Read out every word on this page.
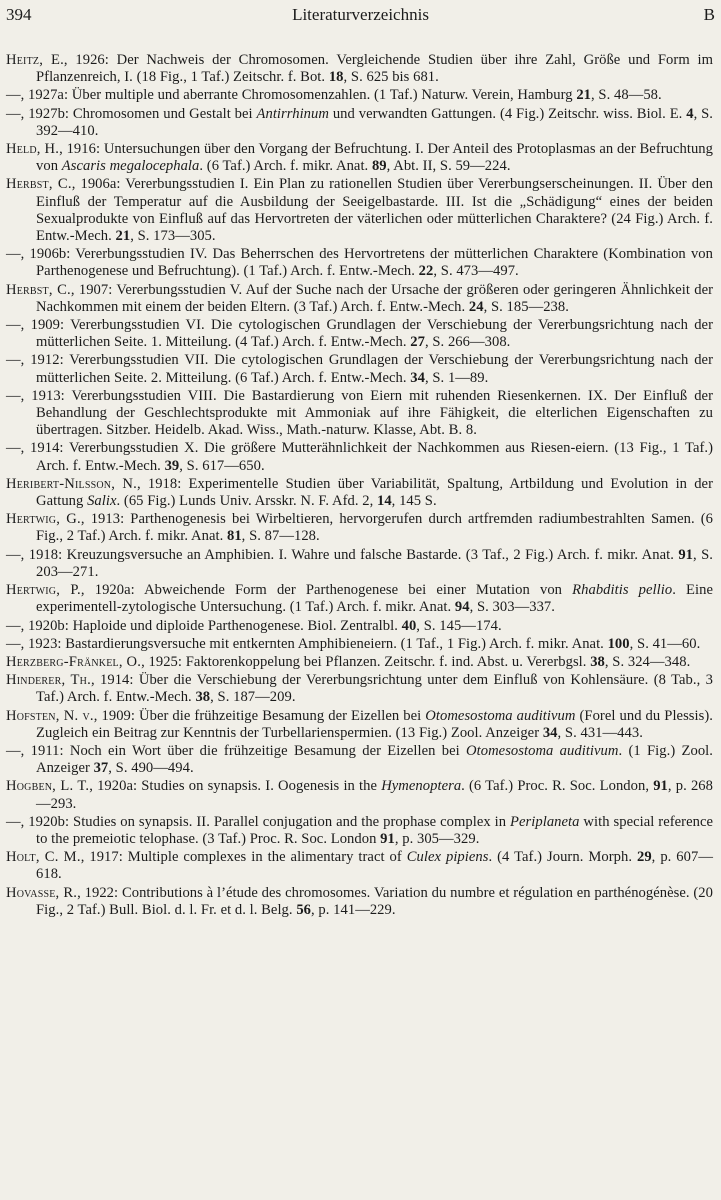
394	Literaturverzeichnis	B

Heitz, E., 1926: Der Nachweis der Chromosomen. Vergleichende Studien über ihre Zahl, Größe und Form im Pflanzenreich, I. (18 Fig., 1 Taf.) Zeitschr. f. Bot. 18, S. 625 bis 681.

—, 1927a: Über multiple und aberrante Chromosomenzahlen. (1 Taf.) Naturw. Verein, Hamburg 21, S. 48—58.

—, 1927b: Chromosomen und Gestalt bei Antirrhinum und verwandten Gattungen. (4 Fig.) Zeitschr. wiss. Biol. E. 4, S. 392—410.

Held, H., 1916: Untersuchungen über den Vorgang der Befruchtung. I. Der Anteil des Protoplasmas an der Befruchtung von Ascaris megalocephala. (6 Taf.) Arch. f. mikr. Anat. 89, Abt. II, S. 59—224.

Herbst, C., 1906a: Vererbungsstudien I. Ein Plan zu rationellen Studien über Vererbungserscheinungen. II. Über den Einfluß der Temperatur auf die Ausbildung der Seeigelbastarde. III. Ist die „Schädigung“ eines der beiden Sexualprodukte von Einfluß auf das Hervortreten der väterlichen oder mütterlichen Charaktere? (24 Fig.) Arch. f. Entw.-Mech. 21, S. 173—305.

—, 1906b: Vererbungsstudien IV. Das Beherrschen des Hervortretens der mütterlichen Charaktere (Kombination von Parthenogenese und Befruchtung). (1 Taf.) Arch. f. Entw.-Mech. 22, S. 473—497.

Herbst, C., 1907: Vererbungsstudien V. Auf der Suche nach der Ursache der größeren oder geringeren Ähnlichkeit der Nachkommen mit einem der beiden Eltern. (3 Taf.) Arch. f. Entw.-Mech. 24, S. 185—238.

—, 1909: Vererbungsstudien VI. Die cytologischen Grundlagen der Verschiebung der Vererbungsrichtung nach der mütterlichen Seite. 1. Mitteilung. (4 Taf.) Arch. f. Entw.-Mech. 27, S. 266—308.

—, 1912: Vererbungsstudien VII. Die cytologischen Grundlagen der Verschiebung der Vererbungsrichtung nach der mütterlichen Seite. 2. Mitteilung. (6 Taf.) Arch. f. Entw.-Mech. 34, S. 1—89.

—, 1913: Vererbungsstudien VIII. Die Bastardierung von Eiern mit ruhenden Riesenkernen. IX. Der Einfluß der Behandlung der Geschlechtsprodukte mit Ammoniak auf ihre Fähigkeit, die elterlichen Eigenschaften zu übertragen. Sitzber. Heidelb. Akad. Wiss., Math.-naturw. Klasse, Abt. B. 8.

—, 1914: Vererbungsstudien X. Die größere Mutterähnlichkeit der Nachkommen aus Riesen-eiern. (13 Fig., 1 Taf.) Arch. f. Entw.-Mech. 39, S. 617—650.

Heribert-Nilsson, N., 1918: Experimentelle Studien über Variabilität, Spaltung, Artbildung und Evolution in der Gattung Salix. (65 Fig.) Lunds Univ. Arsskr. N. F. Afd. 2, 14, 145 S.

Hertwig, G., 1913: Parthenogenesis bei Wirbeltieren, hervorgerufen durch artfremden radiumbestrahlten Samen. (6 Fig., 2 Taf.) Arch. f. mikr. Anat. 81, S. 87—128.

—, 1918: Kreuzungsversuche an Amphibien. I. Wahre und falsche Bastarde. (3 Taf., 2 Fig.) Arch. f. mikr. Anat. 91, S. 203—271.

Hertwig, P., 1920a: Abweichende Form der Parthenogenese bei einer Mutation von Rhabditis pellio. Eine experimentell-zytologische Untersuchung. (1 Taf.) Arch. f. mikr. Anat. 94, S. 303—337.

—, 1920b: Haploide und diploide Parthenogenese. Biol. Zentralbl. 40, S. 145—174.

—, 1923: Bastardierungsversuche mit entkernten Amphibieneiern. (1 Taf., 1 Fig.) Arch. f. mikr. Anat. 100, S. 41—60.

Herzberg-Fränkel, O., 1925: Faktorenkoppelung bei Pflanzen. Zeitschr. f. ind. Abst. u. Vererbgsl. 38, S. 324—348.

Hinderer, Th., 1914: Über die Verschiebung der Vererbungsrichtung unter dem Einfluß von Kohlensäure. (8 Tab., 3 Taf.) Arch. f. Entw.-Mech. 38, S. 187—209.

Hofsten, N. v., 1909: Über die frühzeitige Besamung der Eizellen bei Otomesostoma auditivum (Forel und du Plessis). Zugleich ein Beitrag zur Kenntnis der Turbellarienspermien. (13 Fig.) Zool. Anzeiger 34, S. 431—443.

—, 1911: Noch ein Wort über die frühzeitige Besamung der Eizellen bei Otomesostoma auditivum. (1 Fig.) Zool. Anzeiger 37, S. 490—494.

Hogben, L. T., 1920a: Studies on synapsis. I. Oogenesis in the Hymenoptera. (6 Taf.) Proc. R. Soc. London, 91, p. 268—293.

—, 1920b: Studies on synapsis. II. Parallel conjugation and the prophase complex in Periplaneta with special reference to the premeiotic telophase. (3 Taf.) Proc. R. Soc. London 91, p. 305—329.

Holt, C. M., 1917: Multiple complexes in the alimentary tract of Culex pipiens. (4 Taf.) Journ. Morph. 29, p. 607—618.

Hovasse, R., 1922: Contributions à l’étude des chromosomes. Variation du numbre et régulation en parthénogénèse. (20 Fig., 2 Taf.) Bull. Biol. d. l. Fr. et d. l. Belg. 56, p. 141—229.
